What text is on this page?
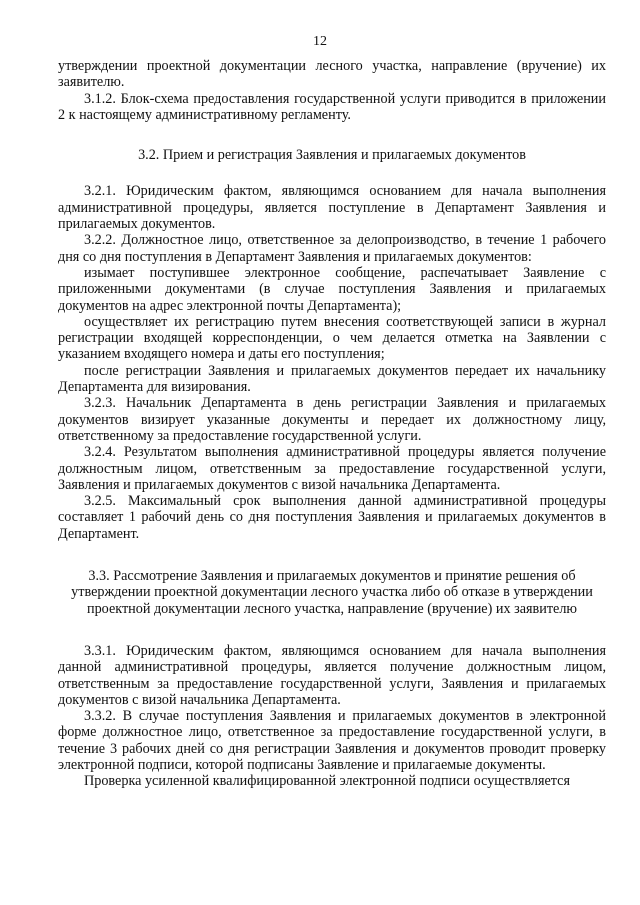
12

утверждении проектной документации лесного участка, направление (вручение) их заявителю.

3.1.2. Блок-схема предоставления государственной услуги приводится в приложении 2 к настоящему административному регламенту.

3.2. Прием и регистрация Заявления и прилагаемых документов

3.2.1. Юридическим фактом, являющимся основанием для начала выполнения административной процедуры, является поступление в Департамент Заявления и прилагаемых документов.

3.2.2. Должностное лицо, ответственное за делопроизводство, в течение 1 рабочего дня со дня поступления в Департамент Заявления и прилагаемых документов:

изымает поступившее электронное сообщение, распечатывает Заявление с приложенными документами (в случае поступления Заявления и прилагаемых документов на адрес электронной почты Департамента);

осуществляет их регистрацию путем внесения соответствующей записи в журнал регистрации входящей корреспонденции, о чем делается отметка на Заявлении с указанием входящего номера и даты его поступления;

после регистрации Заявления и прилагаемых документов передает их начальнику Департамента для визирования.

3.2.3. Начальник Департамента в день регистрации Заявления и прилагаемых документов визирует указанные документы и передает их должностному лицу, ответственному за предоставление государственной услуги.

3.2.4. Результатом выполнения административной процедуры является получение должностным лицом, ответственным за предоставление государственной услуги, Заявления и прилагаемых документов с визой начальника Департамента.

3.2.5. Максимальный срок выполнения данной административной процедуры составляет 1 рабочий день со дня поступления Заявления и прилагаемых документов в Департамент.

3.3. Рассмотрение Заявления и прилагаемых документов и принятие решения об утверждении проектной документации лесного участка либо об отказе в утверждении проектной документации лесного участка, направление (вручение) их заявителю

3.3.1. Юридическим фактом, являющимся основанием для начала выполнения данной административной процедуры, является получение должностным лицом, ответственным за предоставление государственной услуги, Заявления и прилагаемых документов с визой начальника Департамента.

3.3.2. В случае поступления Заявления и прилагаемых документов в электронной форме должностное лицо, ответственное за предоставление государственной услуги, в течение 3 рабочих дней со дня регистрации Заявления и документов проводит проверку электронной подписи, которой подписаны Заявление и прилагаемые документы.

Проверка усиленной квалифицированной электронной подписи осуществляется
